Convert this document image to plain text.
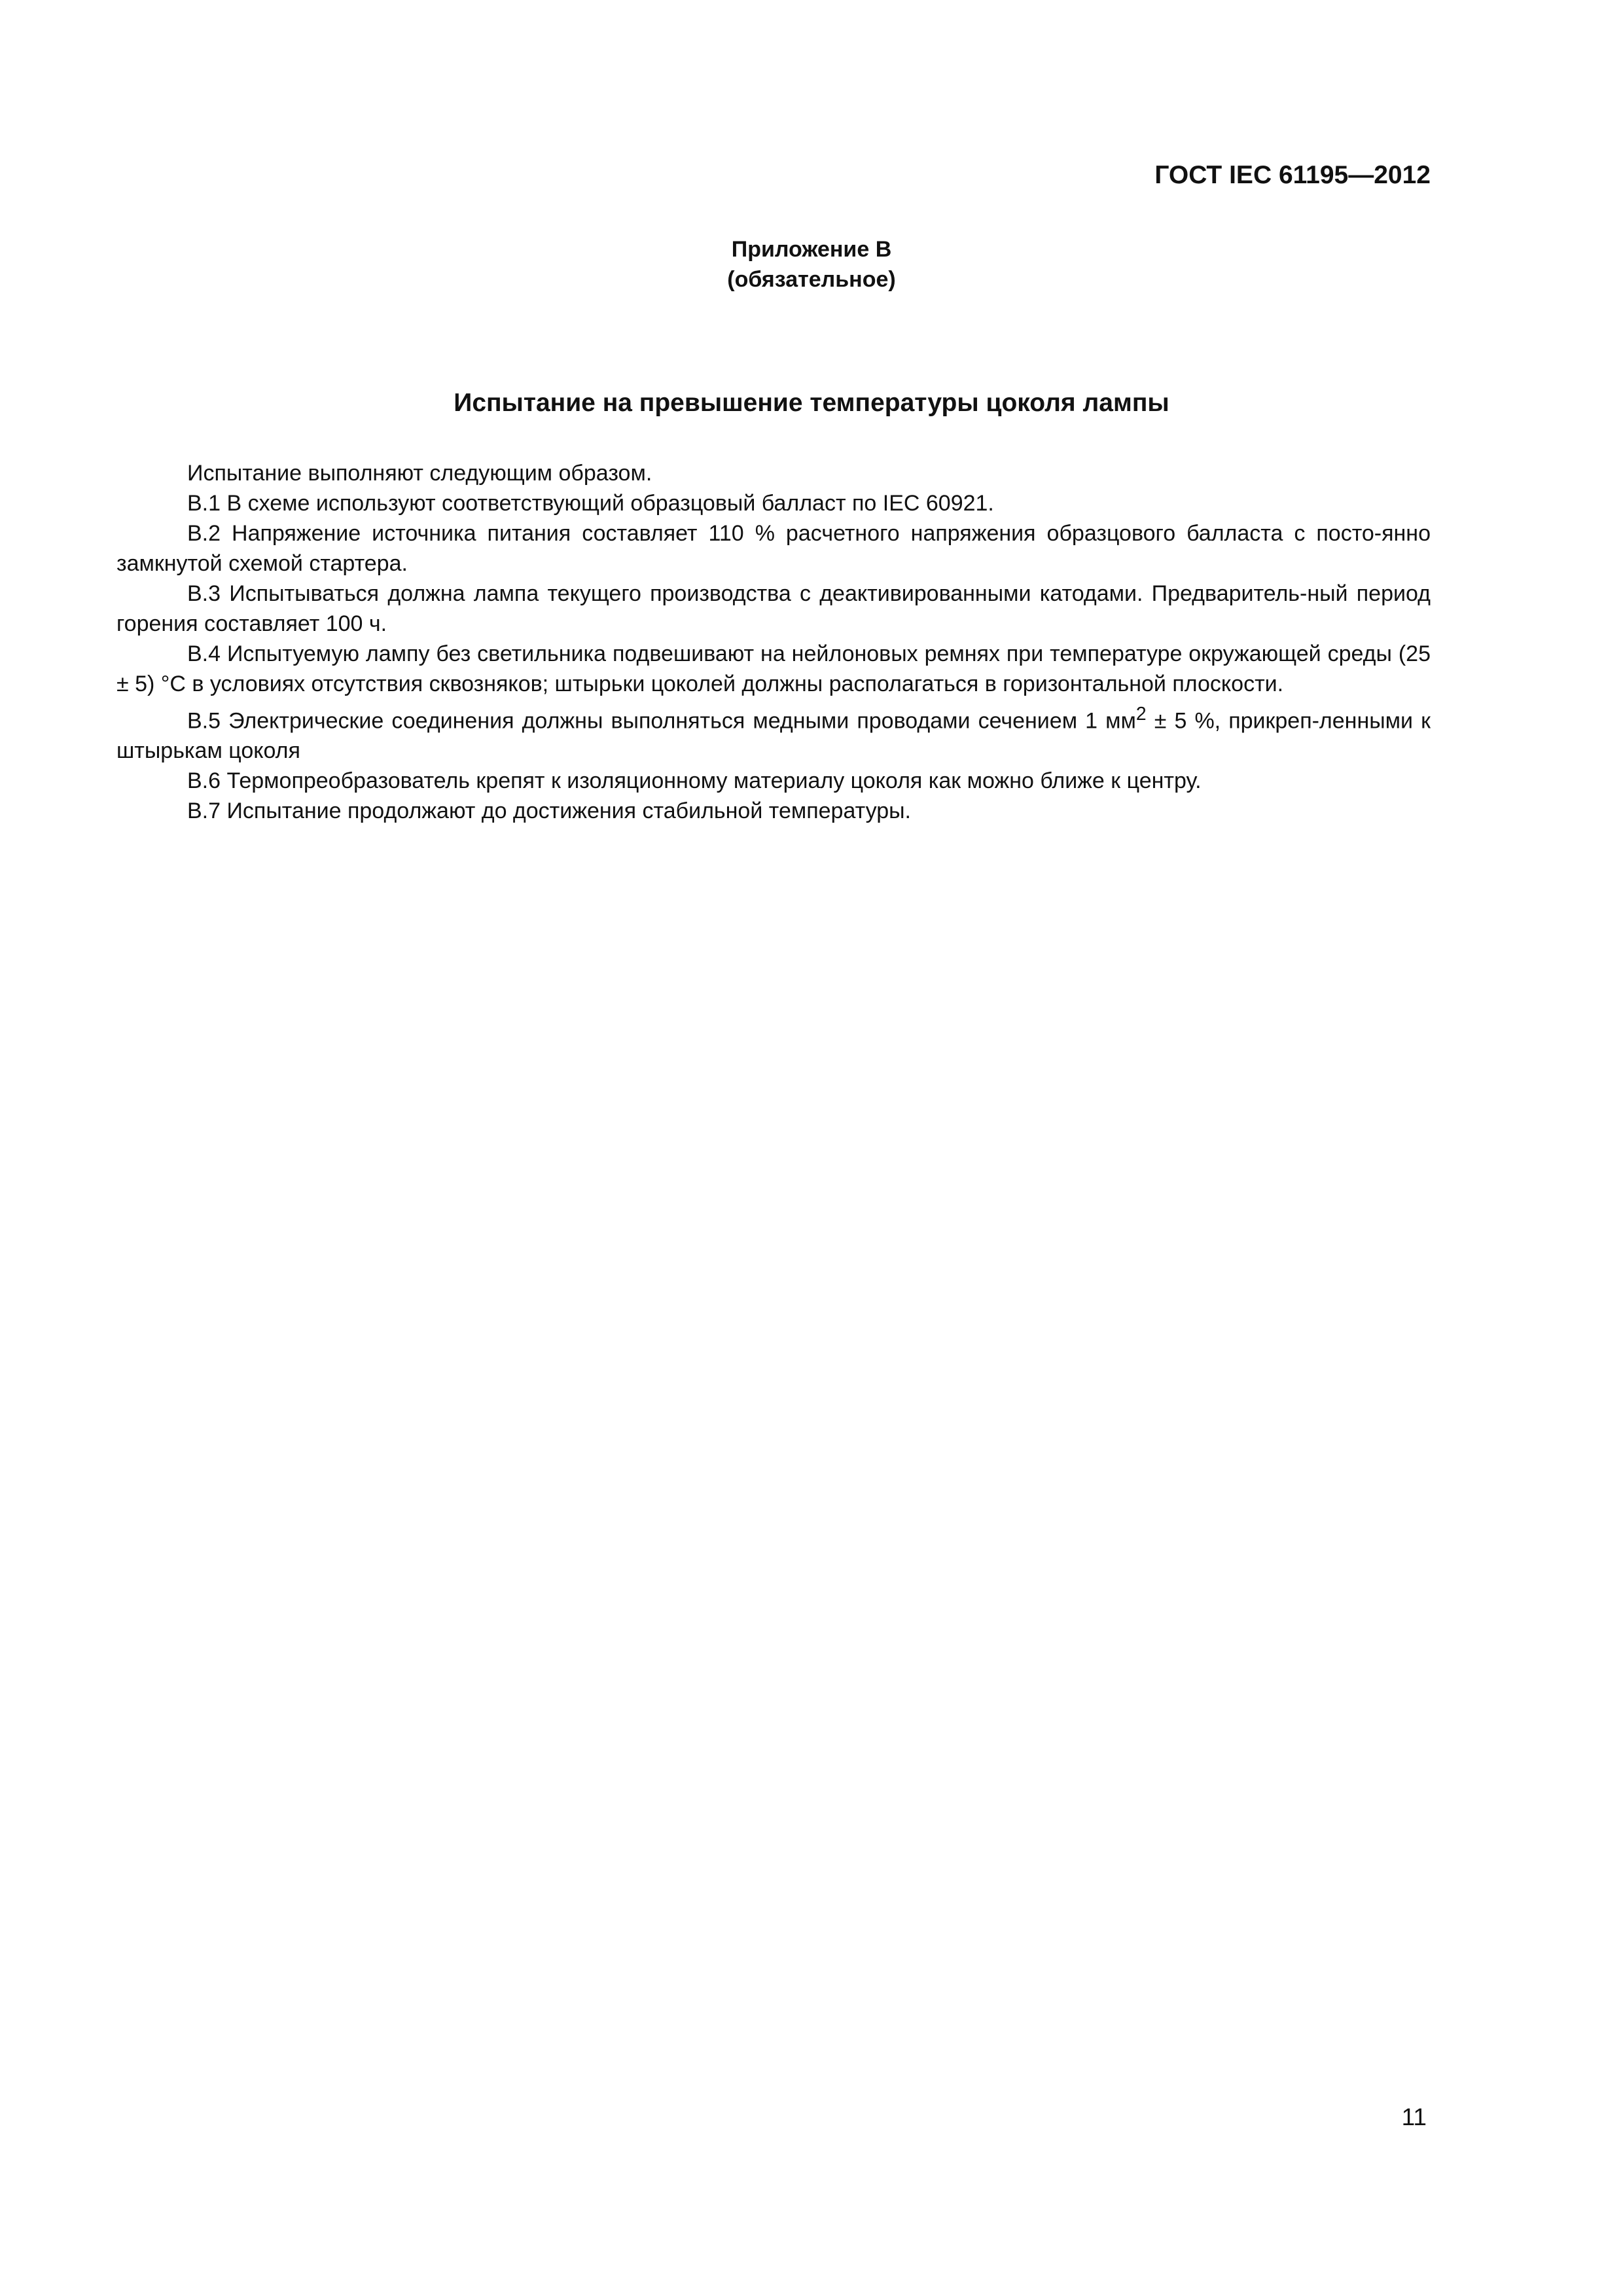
ГОСТ IEC 61195—2012
Приложение В
(обязательное)
Испытание на превышение температуры цоколя лампы

Испытание выполняют следующим образом.

В.1 В схеме используют соответствующий образцовый балласт по IEC 60921.

В.2 Напряжение источника питания составляет 110 % расчетного напряжения образцового балласта с посто-янно замкнутой схемой стартера.

В.3 Испытываться должна лампа текущего производства с деактивированными катодами. Предваритель-ный период горения составляет 100 ч.

В.4 Испытуемую лампу без светильника подвешивают на нейлоновых ремнях при температуре окружающей среды (25 ± 5) °С в условиях отсутствия сквозняков; штырьки цоколей должны располагаться в горизонтальной плоскости.

В.5 Электрические соединения должны выполняться медными проводами сечением 1 $мм^2 \pm 5$ %, прикреп-ленными к штырькам цоколя

В.6 Термопреобразователь крепят к изоляционному материалу цоколя как можно ближе к центру.

В.7 Испытание продолжают до достижения стабильной температуры.

11
